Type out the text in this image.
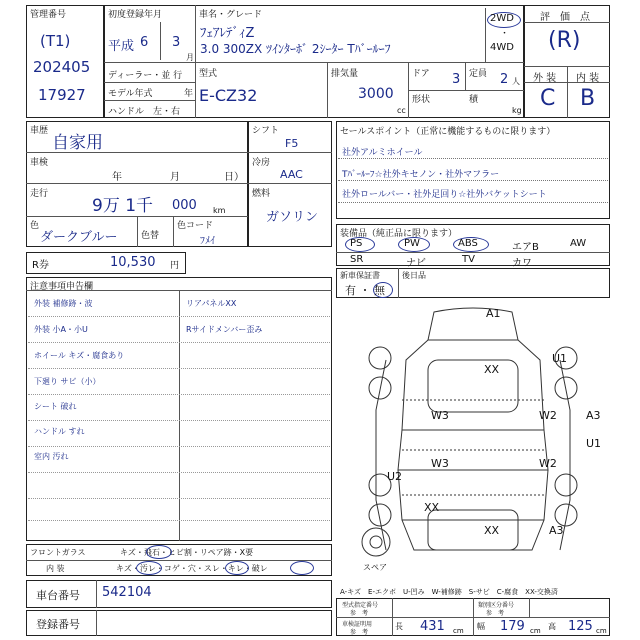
管理番号
(T1)
202405
17927
初度登録年月
平成 6 3
月
ディーラー・並 行
モデル年式	年
ハンドル　左・右
車名・グレード
ﾌｪｱﾚﾃﾞｨZ
3.0 300ZX ﾂｲﾝﾀｰﾎﾞ 2ｼｰﾀｰ Tﾊﾞｰﾙｰﾌ
2WD
・
4WD
型式
E-CZ32
排気量
3000
cc
ドア 3 定員 2 人
形状	積
kg
評　価　点
(R)
外 装 内 装
C B
車歴
自家用
車検
年	月	日）
走行
9万 1千 000 km
色
ダークブルー	色替
色コード
ﾌﾒｲ
シフト
F5
冷房
AAC
燃料
ガソリン
R券	10,530 円
セールスポイント（正常に機能するものに限ります）
社外アルミホイール
Tﾊﾞｰﾙｰﾌ☆社外キセノン・社外マフラー
社外ロールバー・社外足回り☆社外バケットシート
装備品（純正品に限ります）
PS	PW	ABS	エアB	AW
SR	ナビ	TV	カワ
新車保証書
有 ・ 無
後日品
注意事項申告欄
外装 補修跡・波
外装 小A・小U
ホイール キズ・腐食あり
下廻り サビ（小）
シート 破れ
ハンドル すれ
室内 汚れ
リアパネルXX
Rサイドメンバー歪み
A1
XX
U1
W3	W2	A3
U1
U2
W3	W2
XX
XX	A3
スペア
フロントガラス	キズ・飛石・ヒビ割・リペア跡・X要
内 装	キズ・汚レ・コゲ・穴・スレ・キレ・破レ
A-キズ　E-エクボ　U-凹み　W-補修跡　S-サビ　C-腐食　XX-交換済
車台番号 542104
登録番号
型式指定番号
参　考
類別区分番号
参　考
車検証明用
参　考
長 431 cm 幅 179 cm 高 125 cm
